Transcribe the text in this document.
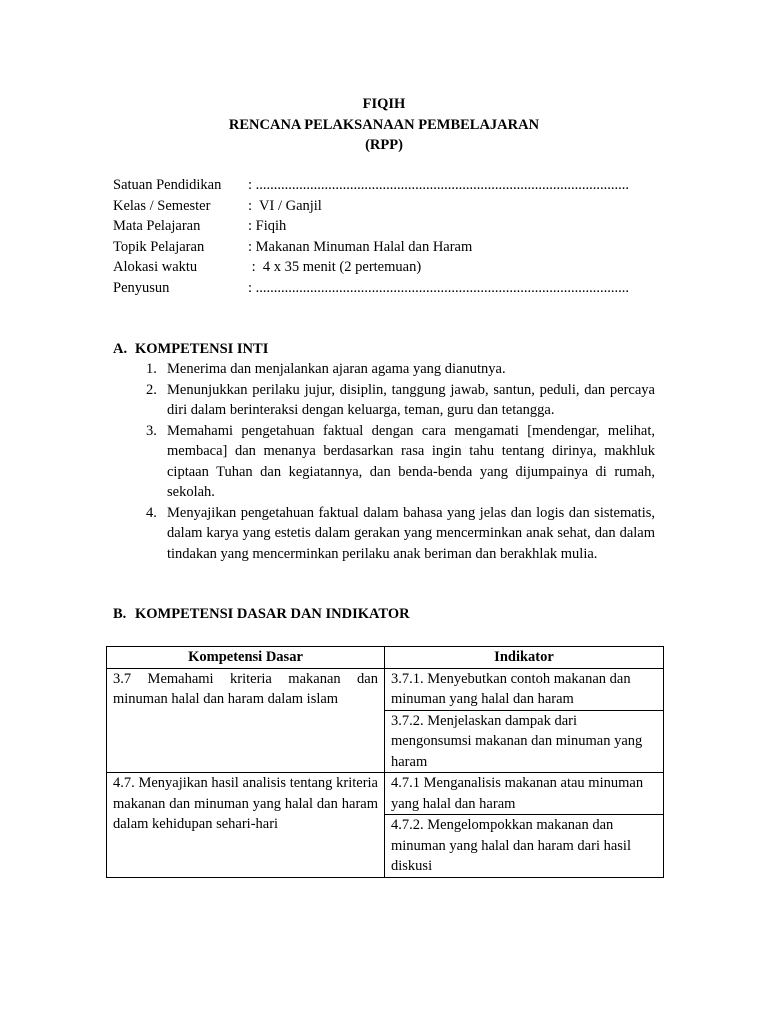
FIQIH
RENCANA PELAKSANAAN PEMBELAJARAN
(RPP)
Satuan Pendidikan	: .......................................................................................................
Kelas / Semester	:  VI / Ganjil
Mata Pelajaran	: Fiqih
Topik Pelajaran	: Makanan Minuman Halal dan Haram
Alokasi waktu	:  4 x 35 menit (2 pertemuan)
Penyusun	: .......................................................................................................
A. KOMPETENSI INTI
1. Menerima dan menjalankan ajaran agama yang dianutnya.
2. Menunjukkan perilaku jujur, disiplin, tanggung jawab, santun, peduli, dan percaya diri dalam berinteraksi dengan keluarga, teman, guru dan tetangga.
3. Memahami pengetahuan faktual dengan cara mengamati [mendengar, melihat, membaca] dan menanya berdasarkan rasa ingin tahu tentang dirinya, makhluk ciptaan Tuhan dan kegiatannya, dan benda-benda yang dijumpainya di rumah, sekolah.
4. Menyajikan pengetahuan faktual dalam bahasa yang jelas dan logis dan sistematis, dalam karya yang estetis dalam gerakan yang mencerminkan anak sehat, dan dalam tindakan yang mencerminkan perilaku anak beriman dan berakhlak mulia.
B. KOMPETENSI DASAR DAN INDIKATOR
Kompetensi Dasar	Indikator
3.7 Memahami kriteria makanan dan minuman halal dan haram dalam islam	3.7.1. Menyebutkan contoh makanan dan minuman yang halal dan haram
	3.7.2. Menjelaskan dampak dari mengonsumsi makanan dan minuman yang haram
4.7. Menyajikan hasil analisis tentang kriteria makanan dan minuman yang halal dan haram dalam kehidupan sehari-hari	4.7.1 Menganalisis makanan atau minuman yang halal dan haram
	4.7.2. Mengelompokkan makanan dan minuman yang halal dan haram dari hasil diskusi
